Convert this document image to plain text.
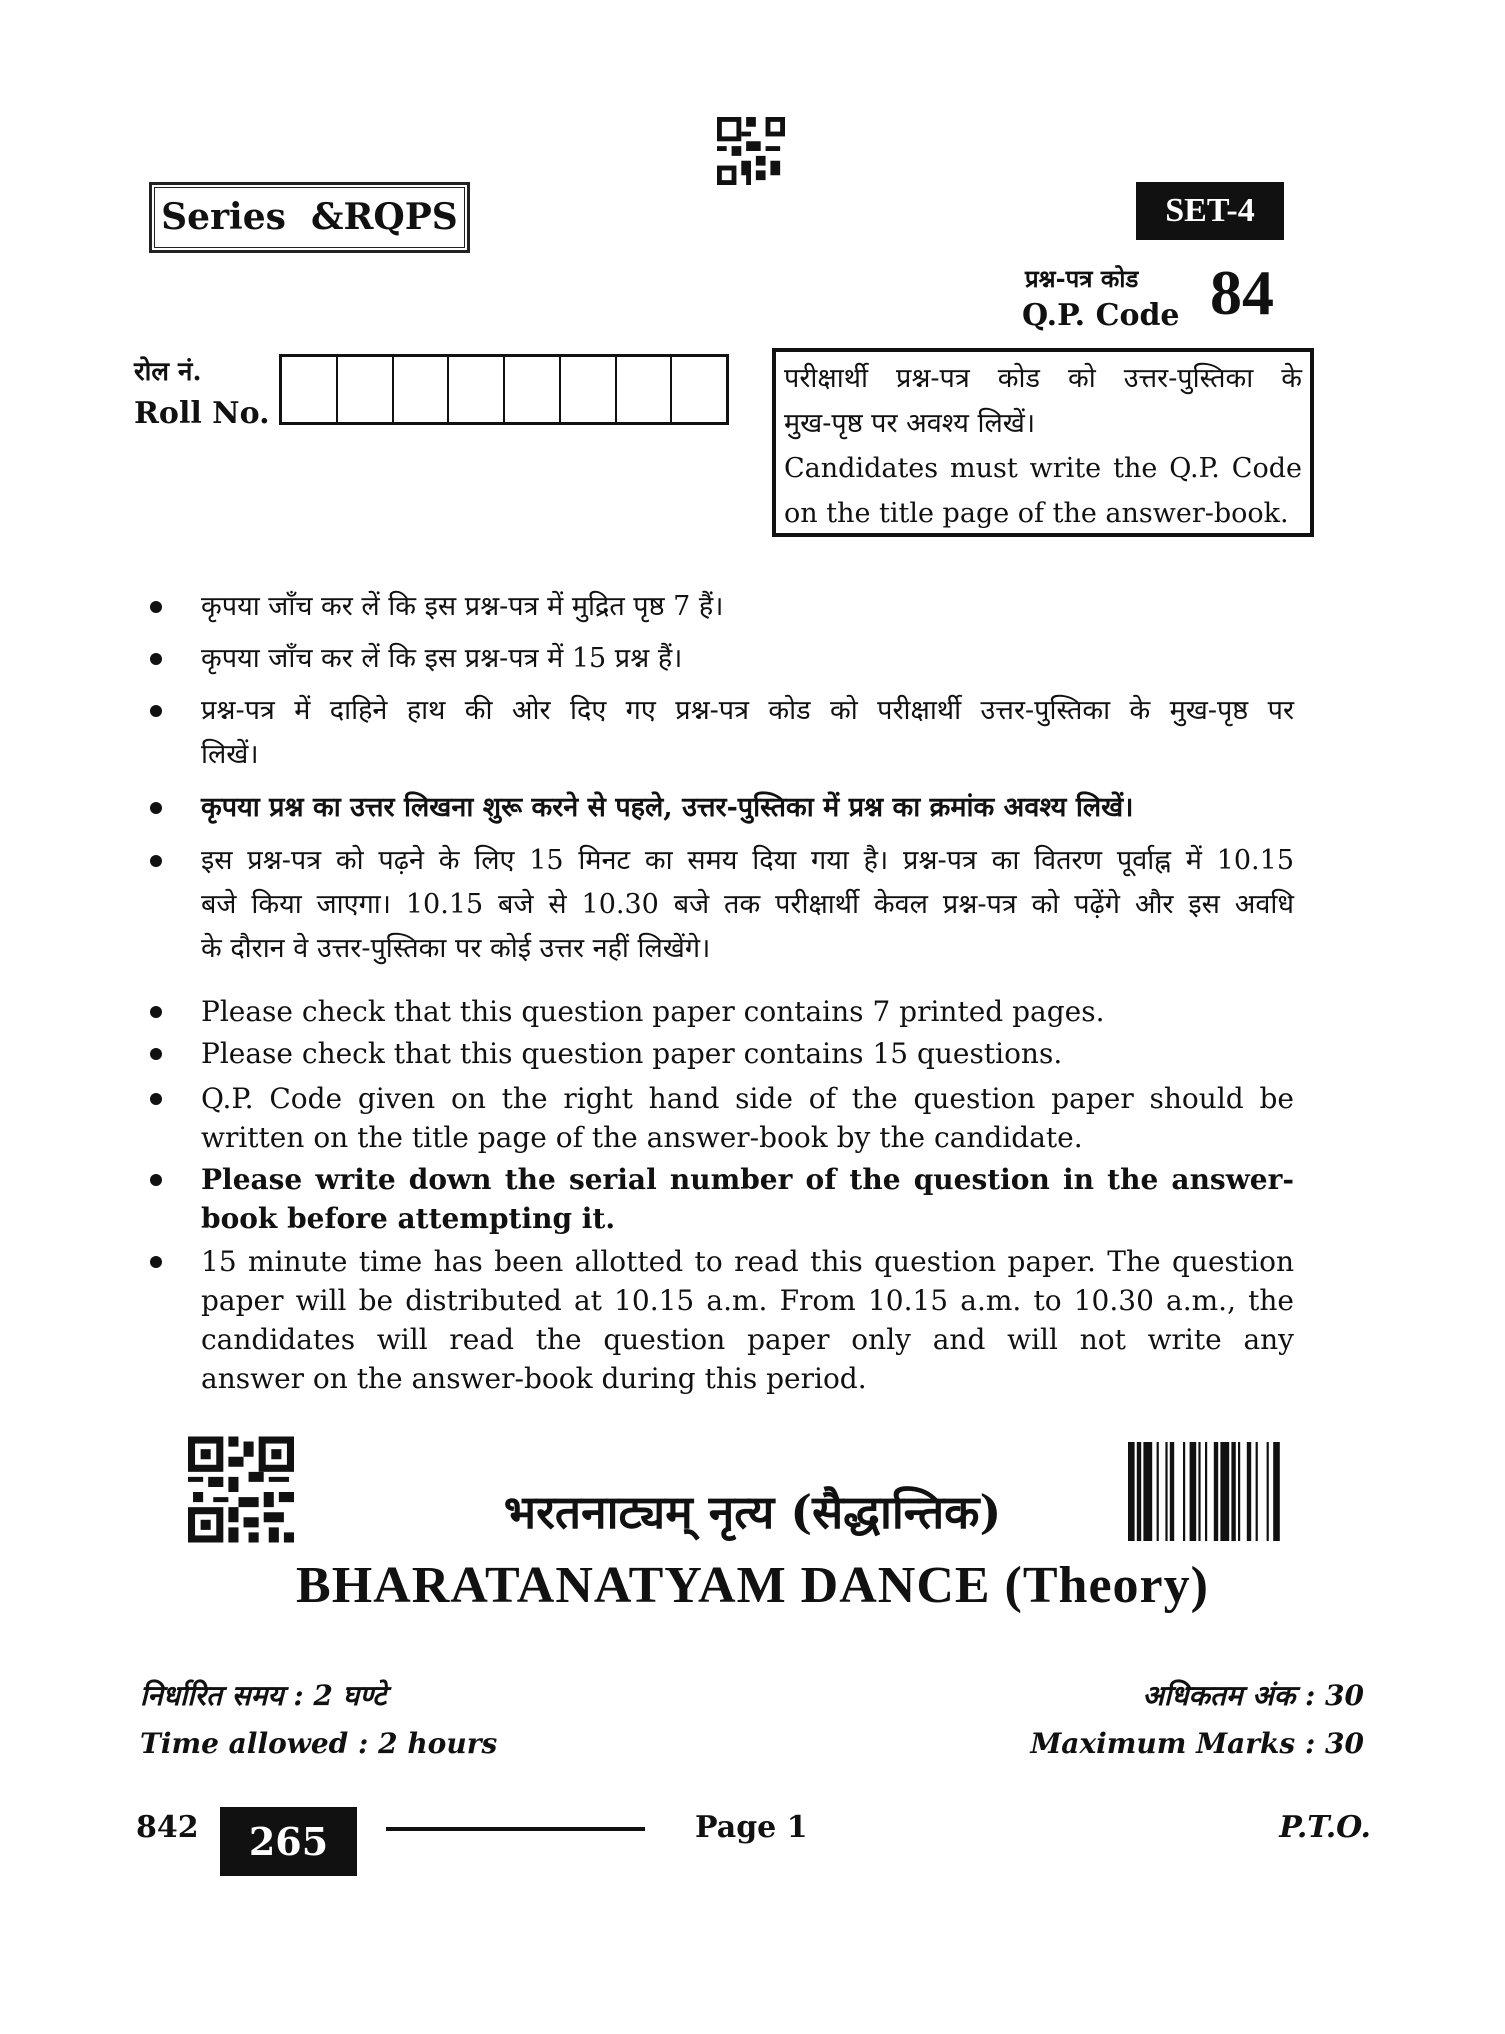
Series  &RQPS	SET-4
प्रश्न-पत्र कोड
Q.P. Code 84
रोल नं.
Roll No.
परीक्षार्थी प्रश्न-पत्र कोड को उत्तर-पुस्तिका के
मुख-पृष्ठ पर अवश्य लिखें।
Candidates must write the Q.P. Code
on the title page of the answer-book.
कृपया जाँच कर लें कि इस प्रश्न-पत्र में मुद्रित पृष्ठ 7 हैं।
कृपया जाँच कर लें कि इस प्रश्न-पत्र में 15 प्रश्न हैं।
प्रश्न-पत्र में दाहिने हाथ की ओर दिए गए प्रश्न-पत्र कोड को परीक्षार्थी उत्तर-पुस्तिका के मुख-पृष्ठ पर
लिखें।
कृपया प्रश्न का उत्तर लिखना शुरू करने से पहले, उत्तर-पुस्तिका में प्रश्न का क्रमांक अवश्य लिखें।
इस प्रश्न-पत्र को पढ़ने के लिए 15 मिनट का समय दिया गया है। प्रश्न-पत्र का वितरण पूर्वाह्न में 10.15
बजे किया जाएगा। 10.15 बजे से 10.30 बजे तक परीक्षार्थी केवल प्रश्न-पत्र को पढ़ेंगे और इस अवधि
के दौरान वे उत्तर-पुस्तिका पर कोई उत्तर नहीं लिखेंगे।
Please check that this question paper contains 7 printed pages.
Please check that this question paper contains 15 questions.
Q.P. Code given on the right hand side of the question paper should be
written on the title page of the answer-book by the candidate.
Please write down the serial number of the question in the answer-
book before attempting it.
15 minute time has been allotted to read this question paper. The question
paper will be distributed at 10.15 a.m. From 10.15 a.m. to 10.30 a.m., the
candidates will read the question paper only and will not write any
answer on the answer-book during this period.
भरतनाट्यम् नृत्य (सैद्धान्तिक)
BHARATANATYAM DANCE (Theory)
निर्धारित समय : 2 घण्टे
Time allowed : 2 hours
अधिकतम अंक : 30
Maximum Marks : 30
842	265	Page 1	P.T.O.
